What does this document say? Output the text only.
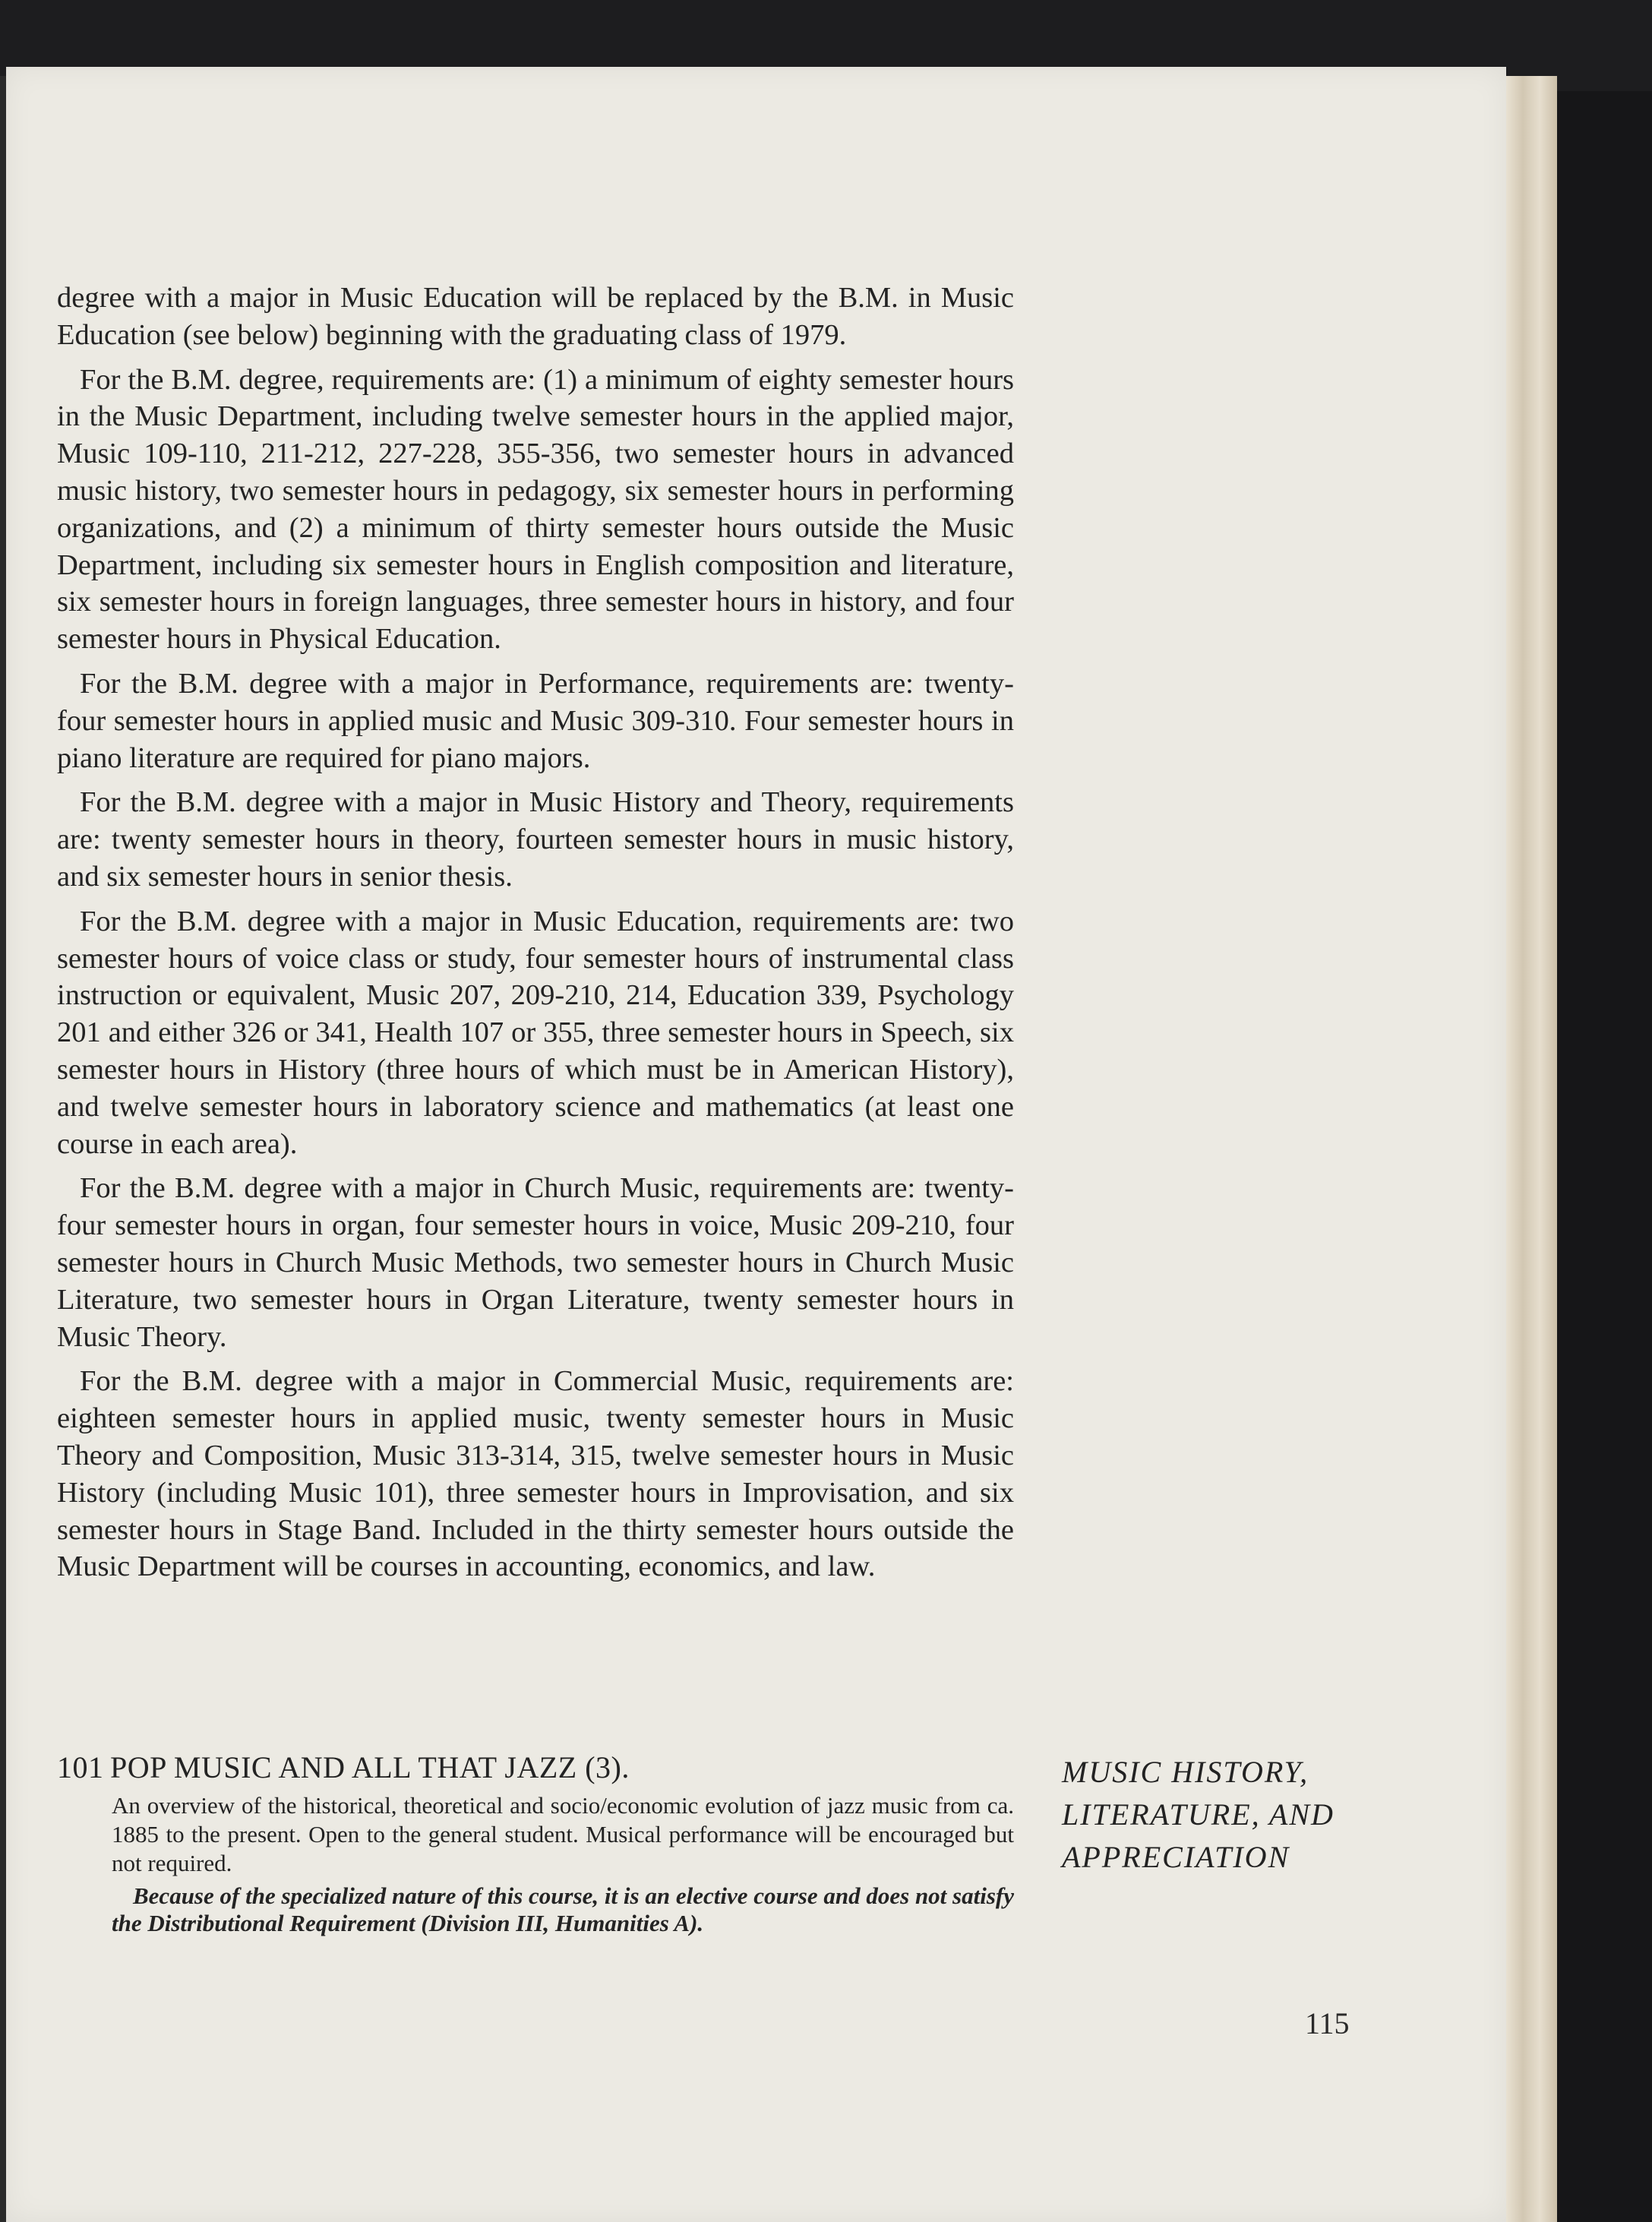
degree with a major in Music Education will be replaced by the B.M. in Music Education (see below) beginning with the graduating class of 1979.

For the B.M. degree, requirements are: (1) a minimum of eighty semester hours in the Music Department, including twelve semester hours in the applied major, Music 109-110, 211-212, 227-228, 355-356, two semester hours in advanced music history, two semester hours in pedagogy, six semester hours in performing organizations, and (2) a minimum of thirty semester hours outside the Music Department, including six semester hours in English composition and literature, six semester hours in foreign languages, three semester hours in history, and four semester hours in Physical Education.

For the B.M. degree with a major in Performance, requirements are: twenty-four semester hours in applied music and Music 309-310. Four semester hours in piano literature are required for piano majors.

For the B.M. degree with a major in Music History and Theory, requirements are: twenty semester hours in theory, fourteen semester hours in music history, and six semester hours in senior thesis.

For the B.M. degree with a major in Music Education, requirements are: two semester hours of voice class or study, four semester hours of instrumental class instruction or equivalent, Music 207, 209-210, 214, Education 339, Psychology 201 and either 326 or 341, Health 107 or 355, three semester hours in Speech, six semester hours in History (three hours of which must be in American History), and twelve semester hours in laboratory science and mathematics (at least one course in each area).

For the B.M. degree with a major in Church Music, requirements are: twenty-four semester hours in organ, four semester hours in voice, Music 209-210, four semester hours in Church Music Methods, two semester hours in Church Music Literature, two semester hours in Organ Literature, twenty semester hours in Music Theory.

For the B.M. degree with a major in Commercial Music, requirements are: eighteen semester hours in applied music, twenty semester hours in Music Theory and Composition, Music 313-314, 315, twelve semester hours in Music History (including Music 101), three semester hours in Improvisation, and six semester hours in Stage Band. Included in the thirty semester hours outside the Music Department will be courses in accounting, economics, and law.

101 POP MUSIC AND ALL THAT JAZZ (3).
An overview of the historical, theoretical and socio/economic evolution of jazz music from ca. 1885 to the present. Open to the general student. Musical performance will be encouraged but not required.
Because of the specialized nature of this course, it is an elective course and does not satisfy the Distributional Requirement (Division III, Humanities A).
MUSIC HISTORY,
LITERATURE, AND
APPRECIATION
115
